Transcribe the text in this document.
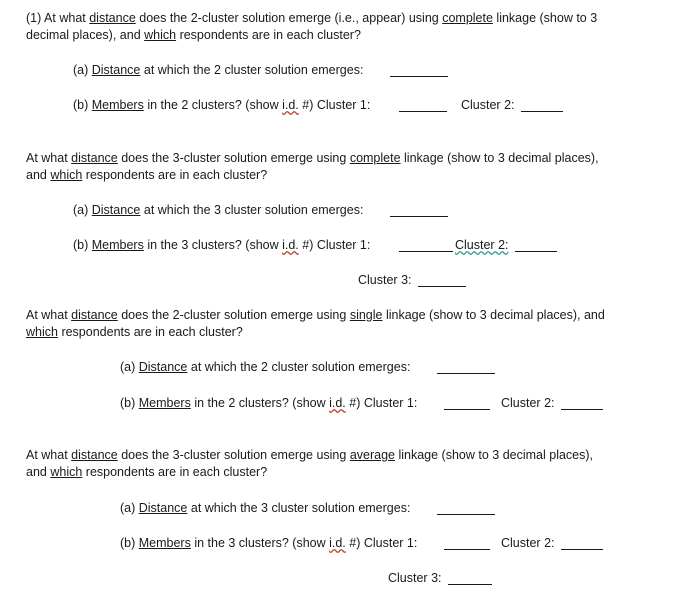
(1) At what distance does the 2-cluster solution emerge (i.e., appear) using complete linkage (show to 3
decimal places), and which respondents are in each cluster?
(a) Distance at which the 2 cluster solution emerges:
(b) Members in the 2 clusters? (show i.d. #) Cluster 1:	Cluster 2:
At what distance does the 3-cluster solution emerge using complete linkage (show to 3 decimal places),
and which respondents are in each cluster?
(a) Distance at which the 3 cluster solution emerges:
(b) Members in the 3 clusters? (show i.d. #) Cluster 1:	Cluster 2:
Cluster 3:
At what distance does the 2-cluster solution emerge using single linkage (show to 3 decimal places), and
which respondents are in each cluster?
(a) Distance at which the 2 cluster solution emerges:
(b) Members in the 2 clusters? (show i.d. #) Cluster 1:	Cluster 2:
At what distance does the 3-cluster solution emerge using average linkage (show to 3 decimal places),
and which respondents are in each cluster?
(a) Distance at which the 3 cluster solution emerges:
(b) Members in the 3 clusters? (show i.d. #) Cluster 1:	Cluster 2:
Cluster 3:
